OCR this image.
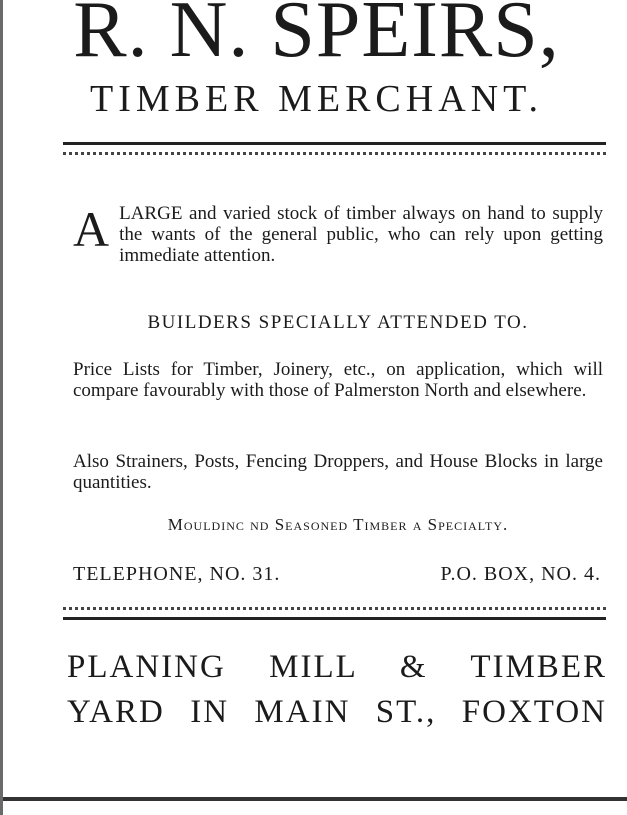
R. N. SPEIRS,
TIMBER MERCHANT.
A LARGE and varied stock of timber always on hand to supply the wants of the general public, who can rely upon getting immediate attention.
BUILDERS SPECIALLY ATTENDED TO.
Price Lists for Timber, Joinery, etc., on application, which will compare favourably with those of Palmerston North and elsewhere.
Also Strainers, Posts, Fencing Droppers, and House Blocks in large quantities.
Mouldinc nd Seasoned Timber a Specialty.
TELEPHONE, NO. 31.	P.O. BOX, NO. 4.
PLANING MILL & TIMBER
YARD IN MAIN ST., FOXTON
